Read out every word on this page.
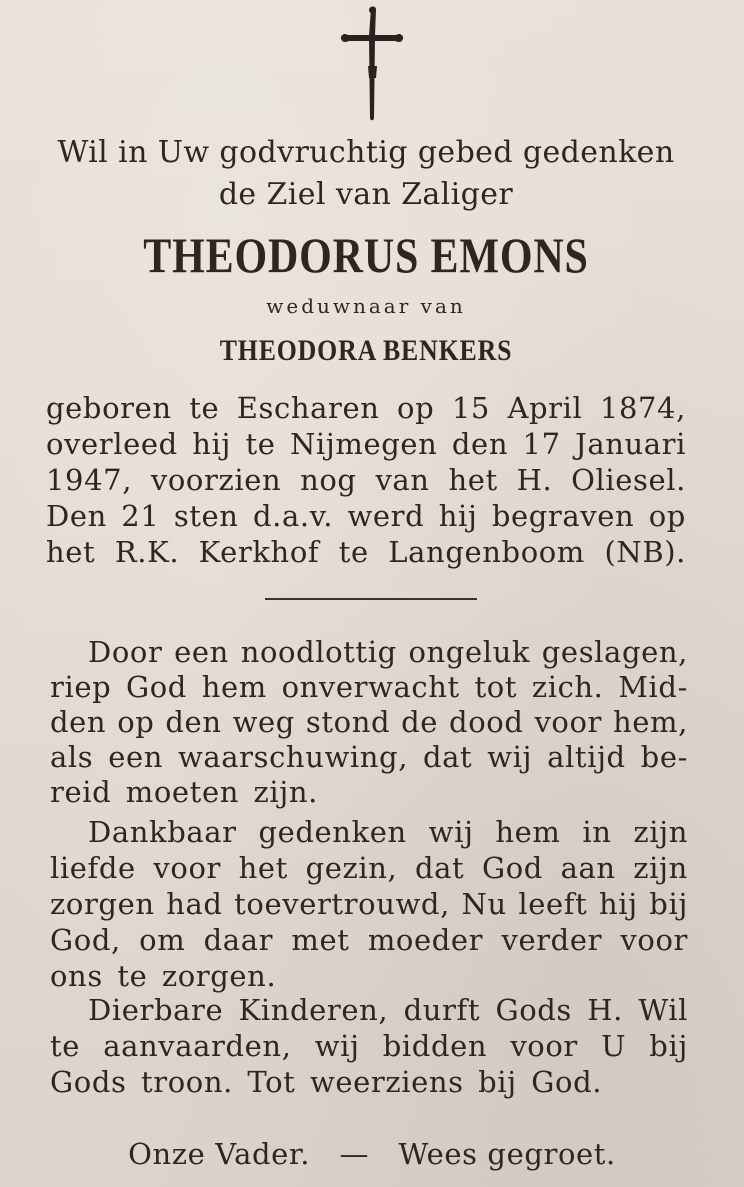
Wil in Uw godvruchtig gebed gedenken
de Ziel van Zaliger
THEODORUS EMONS
weduwnaar van
THEODORA BENKERS
geboren te Escharen op 15 April 1874,
overleed hij te Nijmegen den 17 Januari
1947, voorzien nog van het H. Oliesel.
Den 21 sten d.a.v. werd hij begraven op
het R.K. Kerkhof te Langenboom (NB).
Door een noodlottig ongeluk geslagen,
riep God hem onverwacht tot zich. Mid-
den op den weg stond de dood voor hem,
als een waarschuwing, dat wij altijd be-
reid moeten zijn.
Dankbaar gedenken wij hem in zijn
liefde voor het gezin, dat God aan zijn
zorgen had toevertrouwd, Nu leeft hij bij
God, om daar met moeder verder voor
ons te zorgen.
Dierbare Kinderen, durft Gods H. Wil
te aanvaarden, wij bidden voor U bij
Gods troon. Tot weerziens bij God.
Onze Vader.   —   Wees gegroet.
